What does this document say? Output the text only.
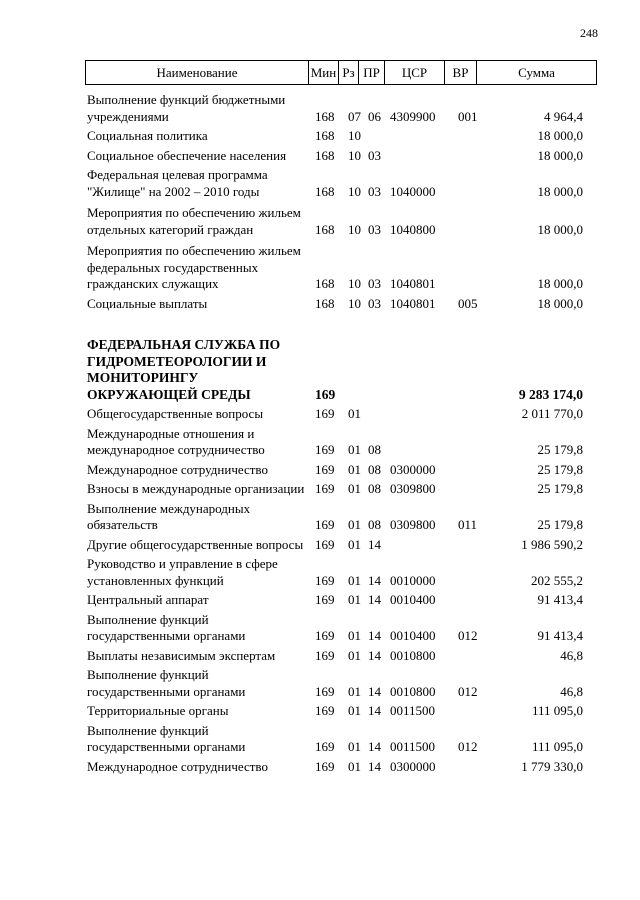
248
Наименование	Мин Рз ПР	ЦСР	ВР	Сумма
Выполнение функций бюджетными учреждениями	168 07 06 4309900 001	4 964,4
Социальная политика	168 10	18 000,0
Социальное обеспечение населения	168 10 03	18 000,0
Федеральная целевая программа "Жилище" на 2002 – 2010 годы	168 10 03 1040000	18 000,0
Мероприятия по обеспечению жильем отдельных категорий граждан	168 10 03 1040800	18 000,0
Мероприятия по обеспечению жильем федеральных государственных гражданских служащих	168 10 03 1040801	18 000,0
Социальные выплаты	168 10 03 1040801 005	18 000,0
ФЕДЕРАЛЬНАЯ СЛУЖБА ПО ГИДРОМЕТЕОРОЛОГИИ И МОНИТОРИНГУ ОКРУЖАЮЩЕЙ СРЕДЫ	169	9 283 174,0
Общегосударственные вопросы	169 01	2 011 770,0
Международные отношения и международное сотрудничество	169 01 08	25 179,8
Международное сотрудничество	169 01 08 0300000	25 179,8
Взносы в международные организации 169 01 08 0309800	25 179,8
Выполнение международных обязательств	169 01 08 0309800 011	25 179,8
Другие общегосударственные вопросы 169 01 14	1 986 590,2
Руководство и управление в сфере установленных функций	169 01 14 0010000	202 555,2
Центральный аппарат	169 01 14 0010400	91 413,4
Выполнение функций государственными органами	169 01 14 0010400 012	91 413,4
Выплаты независимым экспертам	169 01 14 0010800	46,8
Выполнение функций государственными органами	169 01 14 0010800 012	46,8
Территориальные органы	169 01 14 0011500	111 095,0
Выполнение функций государственными органами	169 01 14 0011500 012	111 095,0
Международное сотрудничество	169 01 14 0300000	1 779 330,0
